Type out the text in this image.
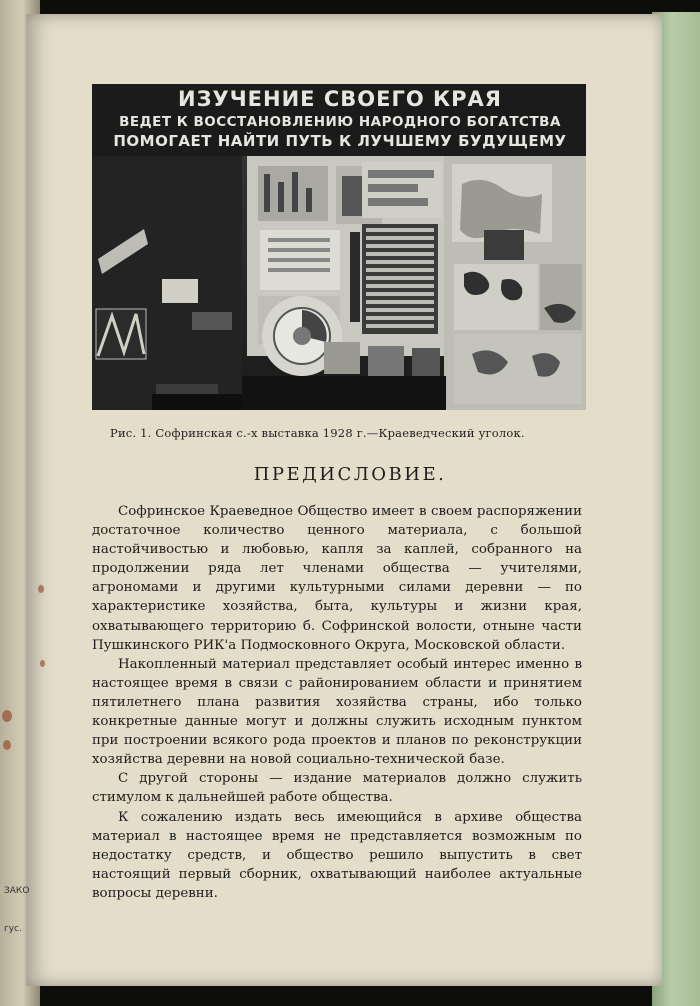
ЗАКО
гус.
ИЗУЧЕНИЕ СВОЕГО КРАЯ
ВЕДЕТ К ВОССТАНОВЛЕНИЮ НАРОДНОГО БОГАТСТВА
ПОМОГАЕТ НАЙТИ ПУТЬ К ЛУЧШЕМУ БУДУЩЕМУ
Рис. 1. Софринская с.-х выставка 1928 г.—Краеведческий уголок.
ПРЕДИСЛОВИЕ.

Софринское Краеведное Общество имеет в своем распоряжении достаточное количество ценного материала, с большой настойчивостью и любовью, капля за каплей, собранного на продолжении ряда лет членами общества — учителями, агрономами и другими культурными силами деревни — по характеристике хозяйства, быта, культуры и жизни края, охватывающего территорию б. Софринской волости, отныне части Пушкинского РИК'а Подмосковного Округа, Московской области.

Накопленный материал представляет особый интерес именно в настоящее время в связи с районированием области и принятием пятилетнего плана развития хозяйства страны, ибо только конкретные данные могут и должны служить исходным пунктом при построении всякого рода проектов и планов по реконструкции хозяйства деревни на новой социально-технической базе.

С другой стороны — издание материалов должно служить стимулом к дальнейшей работе общества.

К сожалению издать весь имеющийся в архиве общества материал в настоящее время не представляется возможным по недостатку средств, и общество решило выпустить в свет настоящий первый сборник, охватывающий наиболее актуальные вопросы деревни.
